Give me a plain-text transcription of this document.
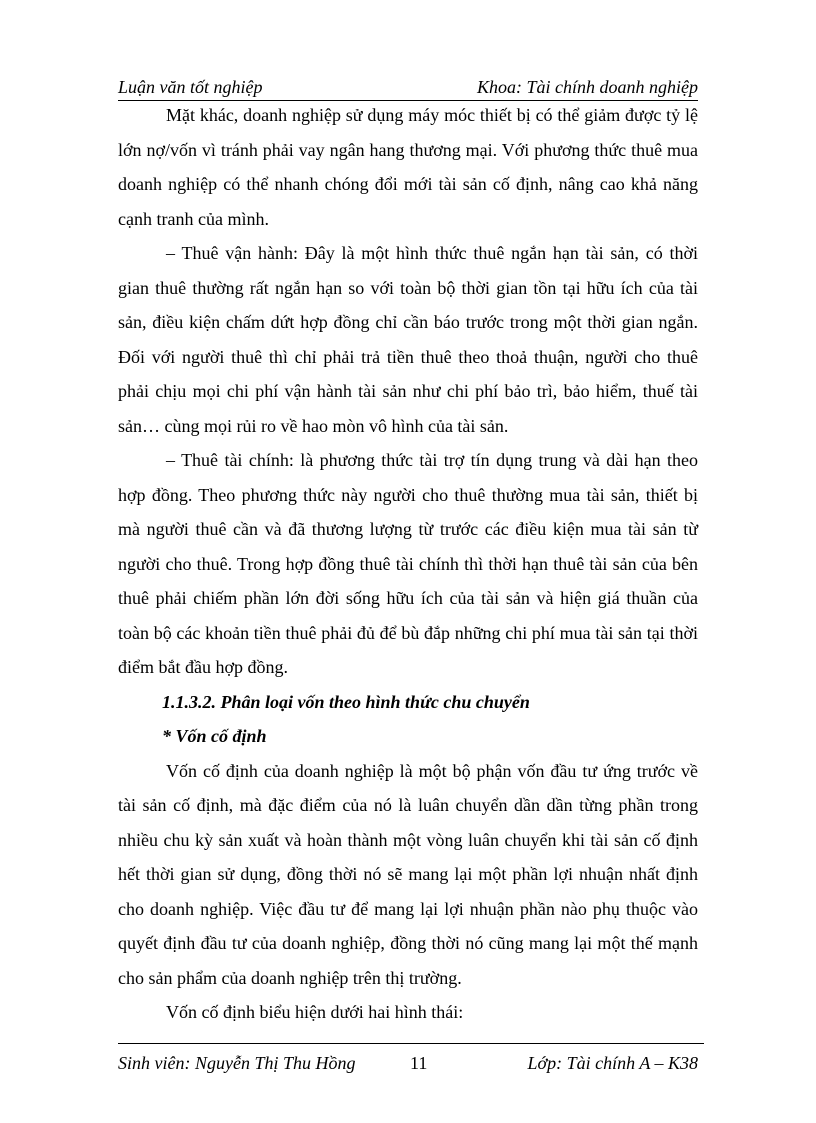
Luận văn tốt nghiệp	Khoa: Tài chính doanh nghiệp

Mặt khác, doanh nghiệp sử dụng máy móc thiết bị có thể giảm được tỷ lệ lớn nợ/vốn vì tránh phải vay ngân hang thương mại. Với phương thức thuê mua doanh nghiệp có thể nhanh chóng đổi mới tài sản cố định, nâng cao khả năng cạnh tranh của mình.

– Thuê vận hành: Đây là một hình thức thuê ngắn hạn tài sản, có thời gian thuê thường rất ngắn hạn so với toàn bộ thời gian tồn tại hữu ích của tài sản, điều kiện chấm dứt hợp đồng chỉ cần báo trước trong một thời gian ngắn. Đối với người thuê thì chỉ phải trả tiền thuê theo thoả thuận, người cho thuê phải chịu mọi chi phí vận hành tài sản như chi phí bảo trì, bảo hiểm, thuế tài sản… cùng mọi rủi ro về hao mòn vô hình của tài sản.

– Thuê tài chính: là phương thức tài trợ tín dụng trung và dài hạn theo hợp đồng. Theo phương thức này người cho thuê thường mua tài sản, thiết bị mà người thuê cần và đã thương lượng từ trước các điều kiện mua tài sản từ người cho thuê. Trong hợp đồng thuê tài chính thì thời hạn thuê tài sản của bên thuê phải chiếm phần lớn đời sống hữu ích của tài sản và hiện giá thuần của toàn bộ các khoản tiền thuê phải đủ để bù đắp những chi phí mua tài sản tại thời điểm bắt đầu hợp đồng.

1.1.3.2. Phân loại vốn theo hình thức chu chuyển

* Vốn cố định

Vốn cố định của doanh nghiệp là một bộ phận vốn đầu tư ứng trước về tài sản cố định, mà đặc điểm của nó là luân chuyển dần dần từng phần trong nhiều chu kỳ sản xuất và hoàn thành một vòng luân chuyển khi tài sản cố định hết thời gian sử dụng, đồng thời nó sẽ mang lại một phần lợi nhuận nhất định cho doanh nghiệp. Việc đầu tư để mang lại lợi nhuận phần nào phụ thuộc vào quyết định đầu tư của doanh nghiệp, đồng thời nó cũng mang lại một thế mạnh cho sản phẩm của doanh nghiệp trên thị trường.

Vốn cố định biểu hiện dưới hai hình thái:

Sinh viên: Nguyễn Thị Thu Hồng	11	Lớp: Tài chính A – K38
